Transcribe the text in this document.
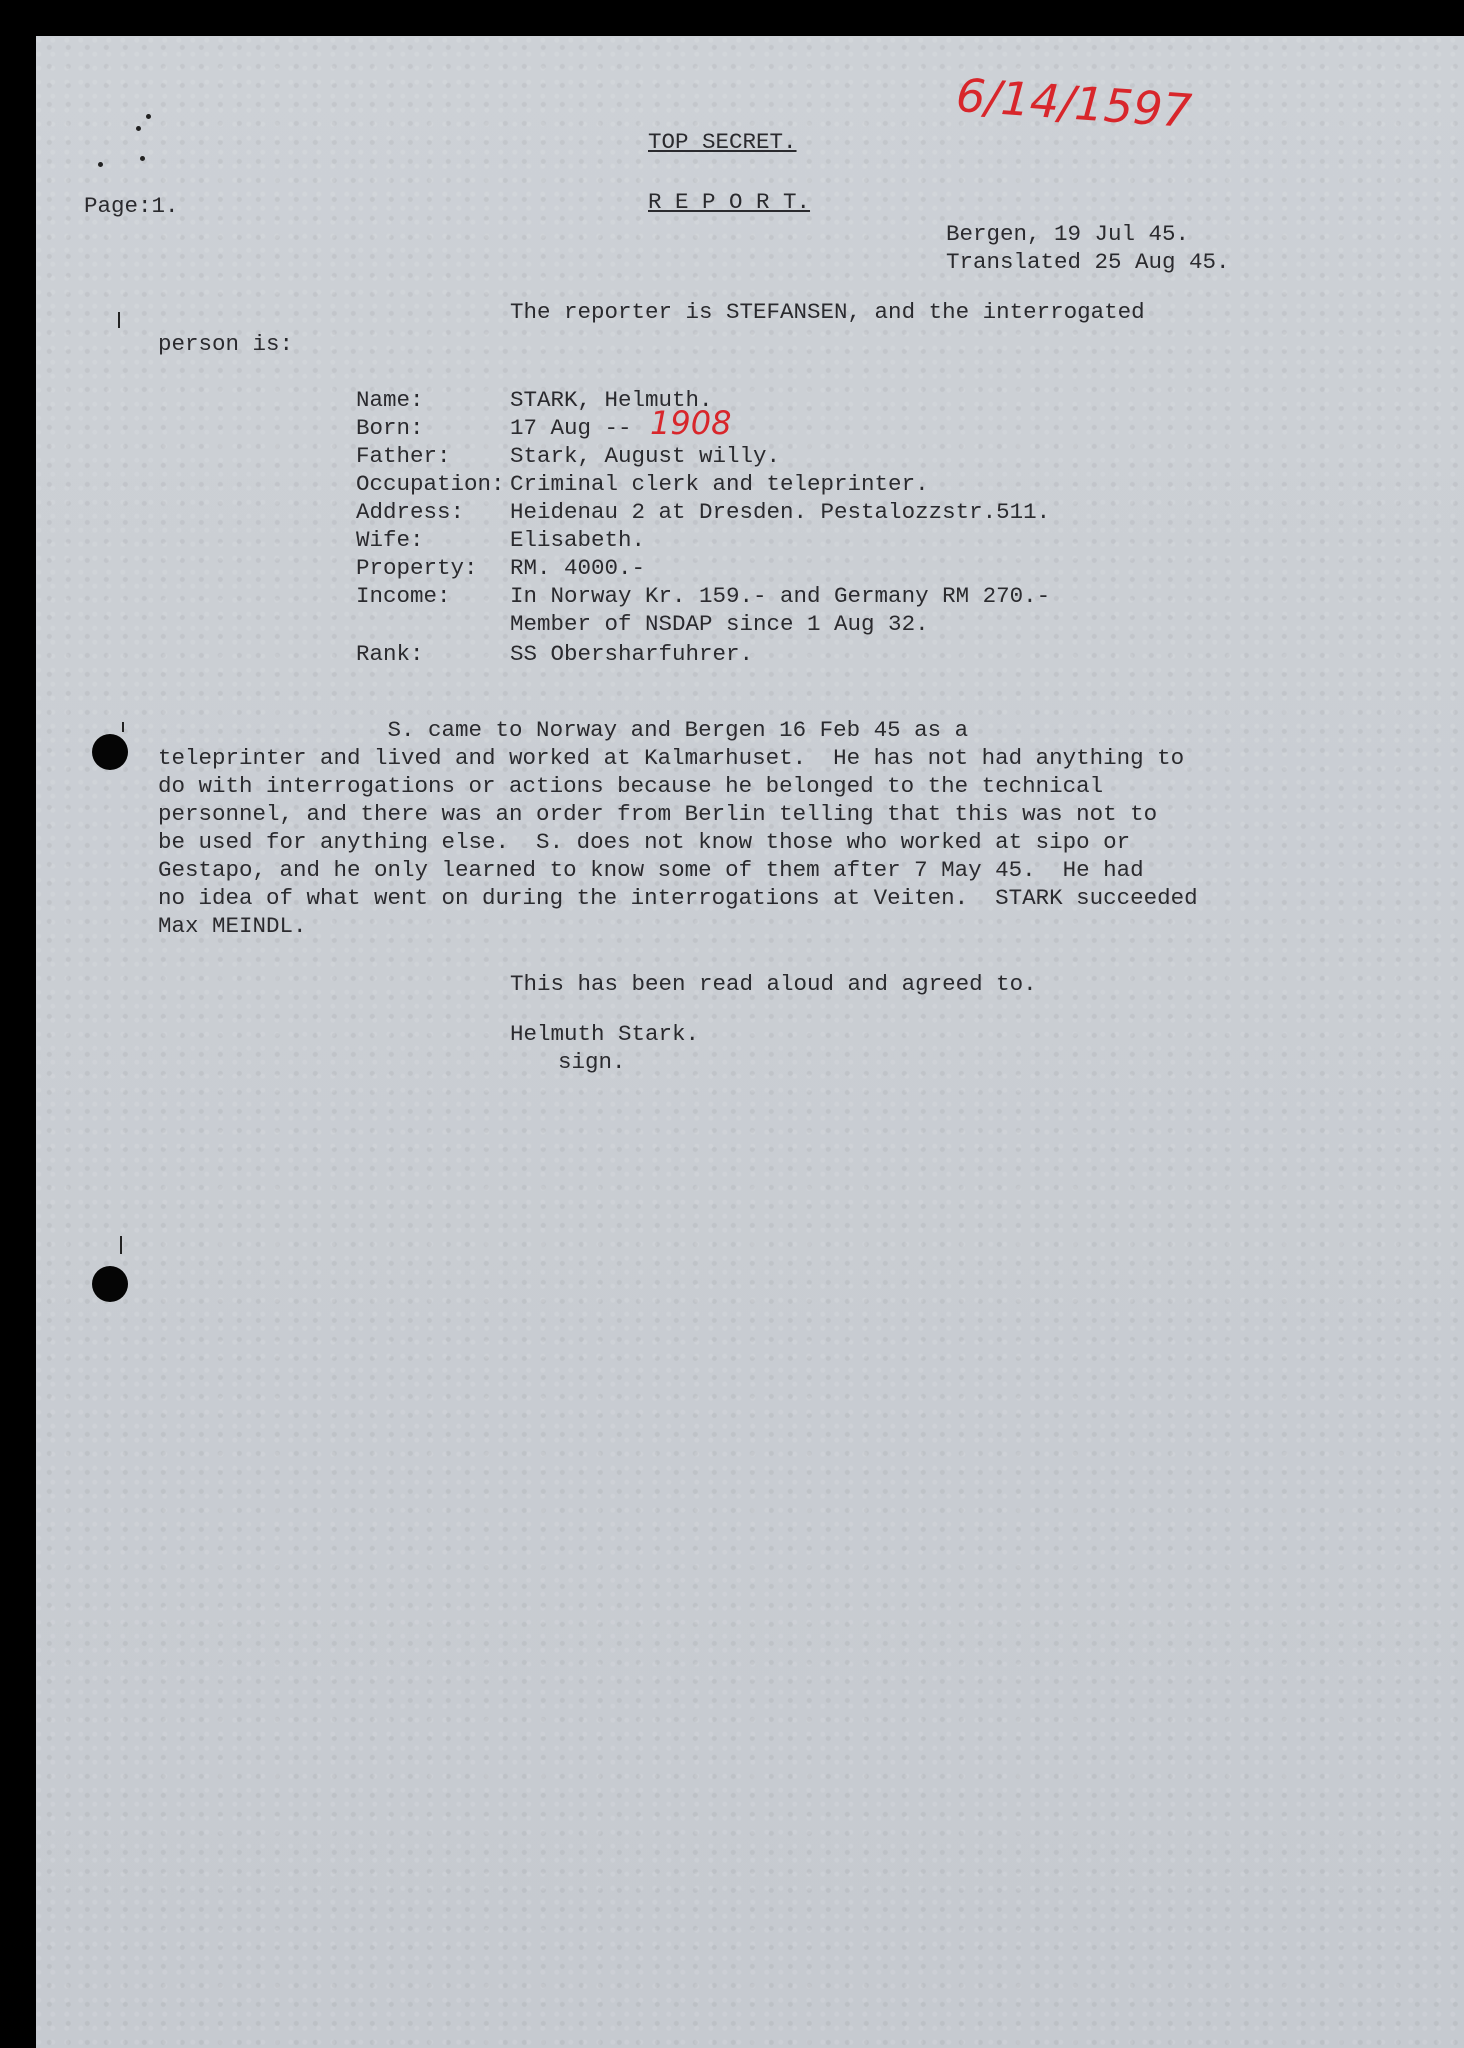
6/14/1597
TOP SECRET.
Page:1.	R E P O R T.
Bergen, 19 Jul 45.
Translated 25 Aug 45.
The reporter is STEFANSEN, and the interrogated
person is:
Name:	STARK, Helmuth.
Born:	17 Aug -- 1908
Father:	Stark, August willy.
Occupation: Criminal clerk and teleprinter.
Address: Heidenau 2 at Dresden. Pestalozzstr.511.
Wife:	Elisabeth.
Property: RM. 4000.-
Income:	In Norway Kr. 159.- and Germany RM 270.-
Member of NSDAP since 1 Aug 32.
Rank:	SS Obersharfuhrer.
S. came to Norway and Bergen 16 Feb 45 as a
teleprinter and lived and worked at Kalmarhuset.  He has not had anything to
do with interrogations or actions because he belonged to the technical
personnel, and there was an order from Berlin telling that this was not to
be used for anything else.  S. does not know those who worked at sipo or
Gestapo, and he only learned to know some of them after 7 May 45.  He had
no idea of what went on during the interrogations at Veiten.  STARK succeeded
Max MEINDL.
This has been read aloud and agreed to.
Helmuth Stark.
sign.
